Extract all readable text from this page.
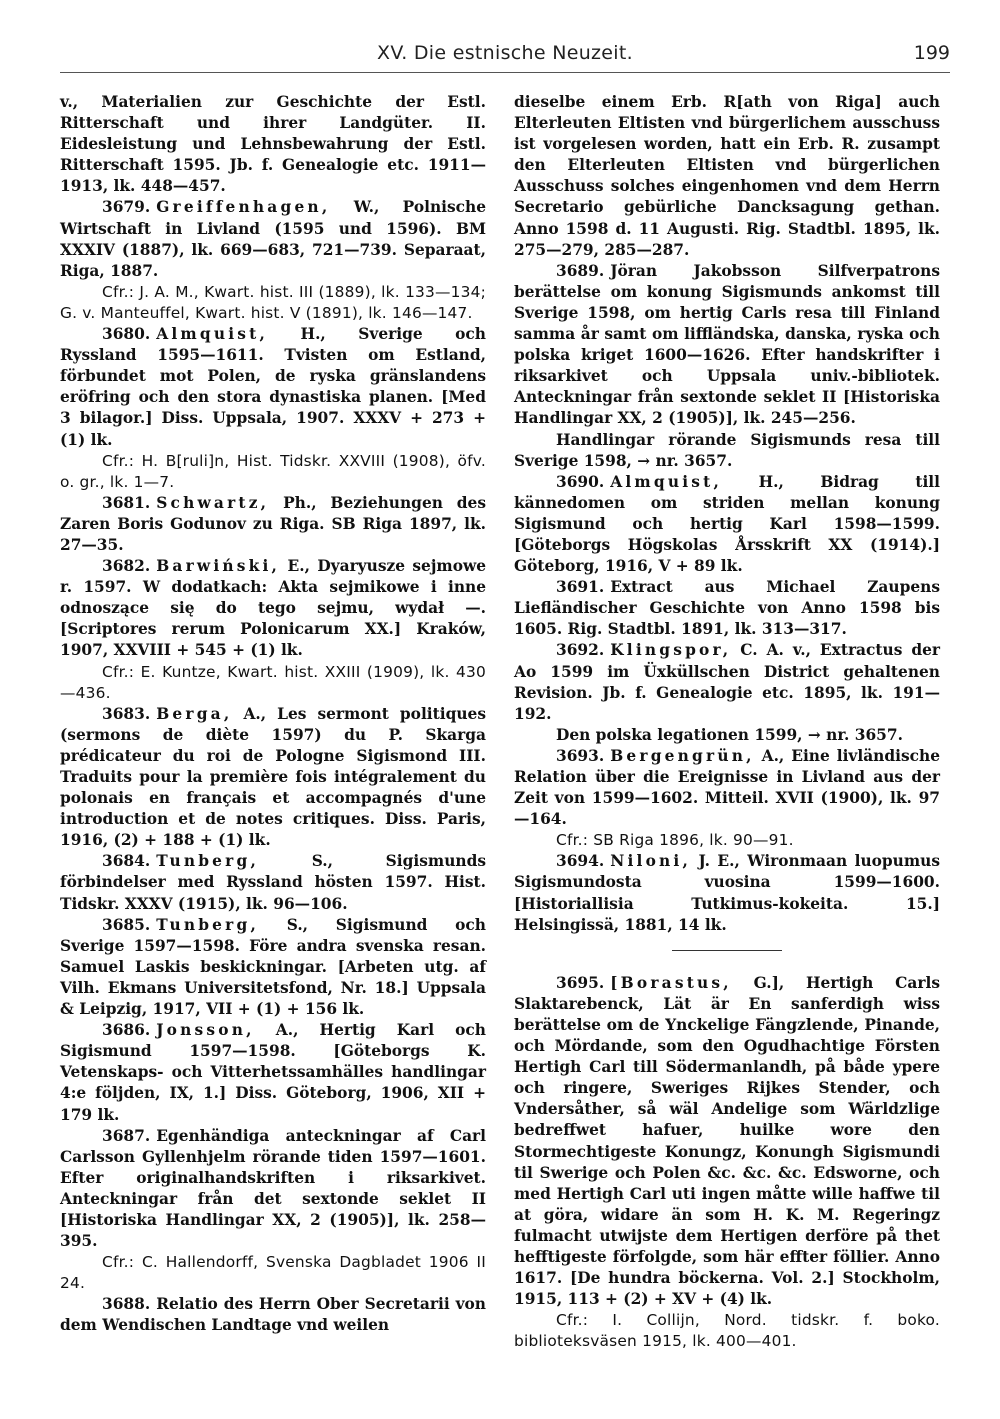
XV. Die estnische Neuzeit.	199

v., Materialien zur Geschichte der Estl. Ritterschaft und ihrer Landgüter. II. Eidesleistung und Lehnsbewahrung der Estl. Ritterschaft 1595. Jb. f. Genealogie etc. 1911—1913, lk. 448—457.

3679. Greiffenhagen, W., Polnische Wirtschaft in Livland (1595 und 1596). BM XXXIV (1887), lk. 669—683, 721—739. Separaat, Riga, 1887.

Cfr.: J. A. M., Kwart. hist. III (1889), lk. 133—134; G. v. Manteuffel, Kwart. hist. V (1891), lk. 146—147.

3680. Almquist, H., Sverige och Ryssland 1595—1611. Tvisten om Estland, förbundet mot Polen, de ryska gränslandens eröfring och den stora dynastiska planen. [Med 3 bilagor.] Diss. Uppsala, 1907. XXXV + 273 + (1) lk.

Cfr.: H. B[ruli]n, Hist. Tidskr. XXVIII (1908), öfv. o. gr., lk. 1—7.

3681. Schwartz, Ph., Beziehungen des Zaren Boris Godunov zu Riga. SB Riga 1897, lk. 27—35.

3682. Barwiński, E., Dyaryusze sejmowe r. 1597. W dodatkach: Akta sejmikowe i inne odnoszące się do tego sejmu, wydał —. [Scriptores rerum Polonicarum XX.] Kraków, 1907, XXVIII + 545 + (1) lk.

Cfr.: E. Kuntze, Kwart. hist. XXIII (1909), lk. 430—436.

3683. Berga, A., Les sermont politiques (sermons de diète 1597) du P. Skarga prédicateur du roi de Pologne Sigismond III. Traduits pour la première fois intégralement du polonais en français et accompagnés d'une introduction et de notes critiques. Diss. Paris, 1916, (2) + 188 + (1) lk.

3684. Tunberg,	S., Sigismunds förbindelser med Ryssland hösten 1597. Hist. Tidskr. XXXV (1915), lk. 96—106.

3685. Tunberg, S., Sigismund och Sverige 1597—1598. Före andra svenska resan. Samuel Laskis beskickningar. [Arbeten utg. af Vilh. Ekmans Universitetsfond, Nr. 18.] Uppsala & Leipzig, 1917, VII + (1) + 156 lk.

3686. Jonsson, A., Hertig Karl och Sigismund 1597—1598. [Göteborgs K. Vetenskaps- och Vitterhetssamhälles handlingar 4:e följden, IX, 1.] Diss. Göteborg, 1906, XII + 179 lk.

3687. Egenhändiga anteckningar af Carl Carlsson Gyllenhjelm rörande tiden 1597—1601. Efter originalhandskriften i riksarkivet. Anteckningar från det sextonde seklet II [Historiska Handlingar XX, 2 (1905)], lk. 258—395.

Cfr.: C. Hallendorff, Svenska Dagbladet 1906 II 24.

3688. Relatio des Herrn Ober Secretarii von dem Wendischen Landtage vnd weilen

dieselbe einem Erb. R[ath von Riga] auch Elterleuten Eltisten vnd bürgerlichem ausschuss ist vorgelesen worden, hatt ein Erb. R. zusampt den Elterleuten Eltisten vnd bürgerlichen Ausschuss solches eingenhomen vnd dem Herrn Secretario gebürliche Dancksagung gethan. Anno 1598 d. 11 Augusti. Rig. Stadtbl. 1895, lk. 275—279, 285—287.

3689. Jöran Jakobsson Silfverpatrons berättelse om konung Sigismunds ankomst till Sverige 1598, om hertig Carls resa till Finland samma år samt om liffländska, danska, ryska och polska kriget 1600—1626. Efter handskrifter i riksarkivet och Uppsala univ.-bibliotek. Anteckningar från sextonde seklet II [Historiska Handlingar XX, 2 (1905)], lk. 245—256.

Handlingar rörande Sigismunds resa till Sverige 1598, → nr. 3657.

3690. Almquist, H., Bidrag till kännedomen om striden mellan konung Sigismund och hertig Karl 1598—1599. [Göteborgs Högskolas Årsskrift XX (1914).] Göteborg, 1916, V + 89 lk.

3691. Extract aus Michael Zaupens Liefländischer Geschichte von Anno 1598 bis 1605. Rig. Stadtbl. 1891, lk. 313—317.

3692. Klingspor, C. A. v., Extractus der Ao 1599 im Üxküllschen District gehaltenen Revision. Jb. f. Genealogie etc. 1895, lk. 191—192.

Den polska legationen 1599, → nr. 3657.

3693. Bergengrün, A., Eine livländische Relation über die Ereignisse in Livland aus der Zeit von 1599—1602. Mitteil. XVII (1900), lk. 97—164.

Cfr.: SB Riga 1896, lk. 90—91.

3694. Niloni, J. E., Wironmaan luopumus Sigismundosta vuosina 1599—1600. [Historiallisia Tutkimus-kokeita. 15.] Helsingissä, 1881, 14 lk.

3695. [Borastus, G.], Hertigh Carls Slaktarebenck, Lät är En sanferdigh wiss berättelse om de Ynckelige Fängzlende, Pinande, och Mördande, som den Ogudhachtige Försten Hertigh Carl till Södermanlandh, på både ypere och ringere, Sweriges Rijkes Stender, och Vndersåther, så wäl Andelige som Wärldzlige bedreffwet hafuer, huilke wore den Stormechtigeste Konungz, Konungh Sigismundi til Swerige och Polen &c. &c. &c. Edsworne, och med Hertigh Carl uti ingen måtte wille haffwe til at göra, widare än som H. K. M. Regeringz fulmacht utwijste dem Hertigen derföre på thet hefftigeste förfolgde, som här effter föllier. Anno 1617. [De hundra böckerna. Vol. 2.] Stockholm, 1915, 113 + (2) + XV + (4) lk.

Cfr.: I. Collijn, Nord. tidskr. f. boko. biblioteksväsen 1915, lk. 400—401.
